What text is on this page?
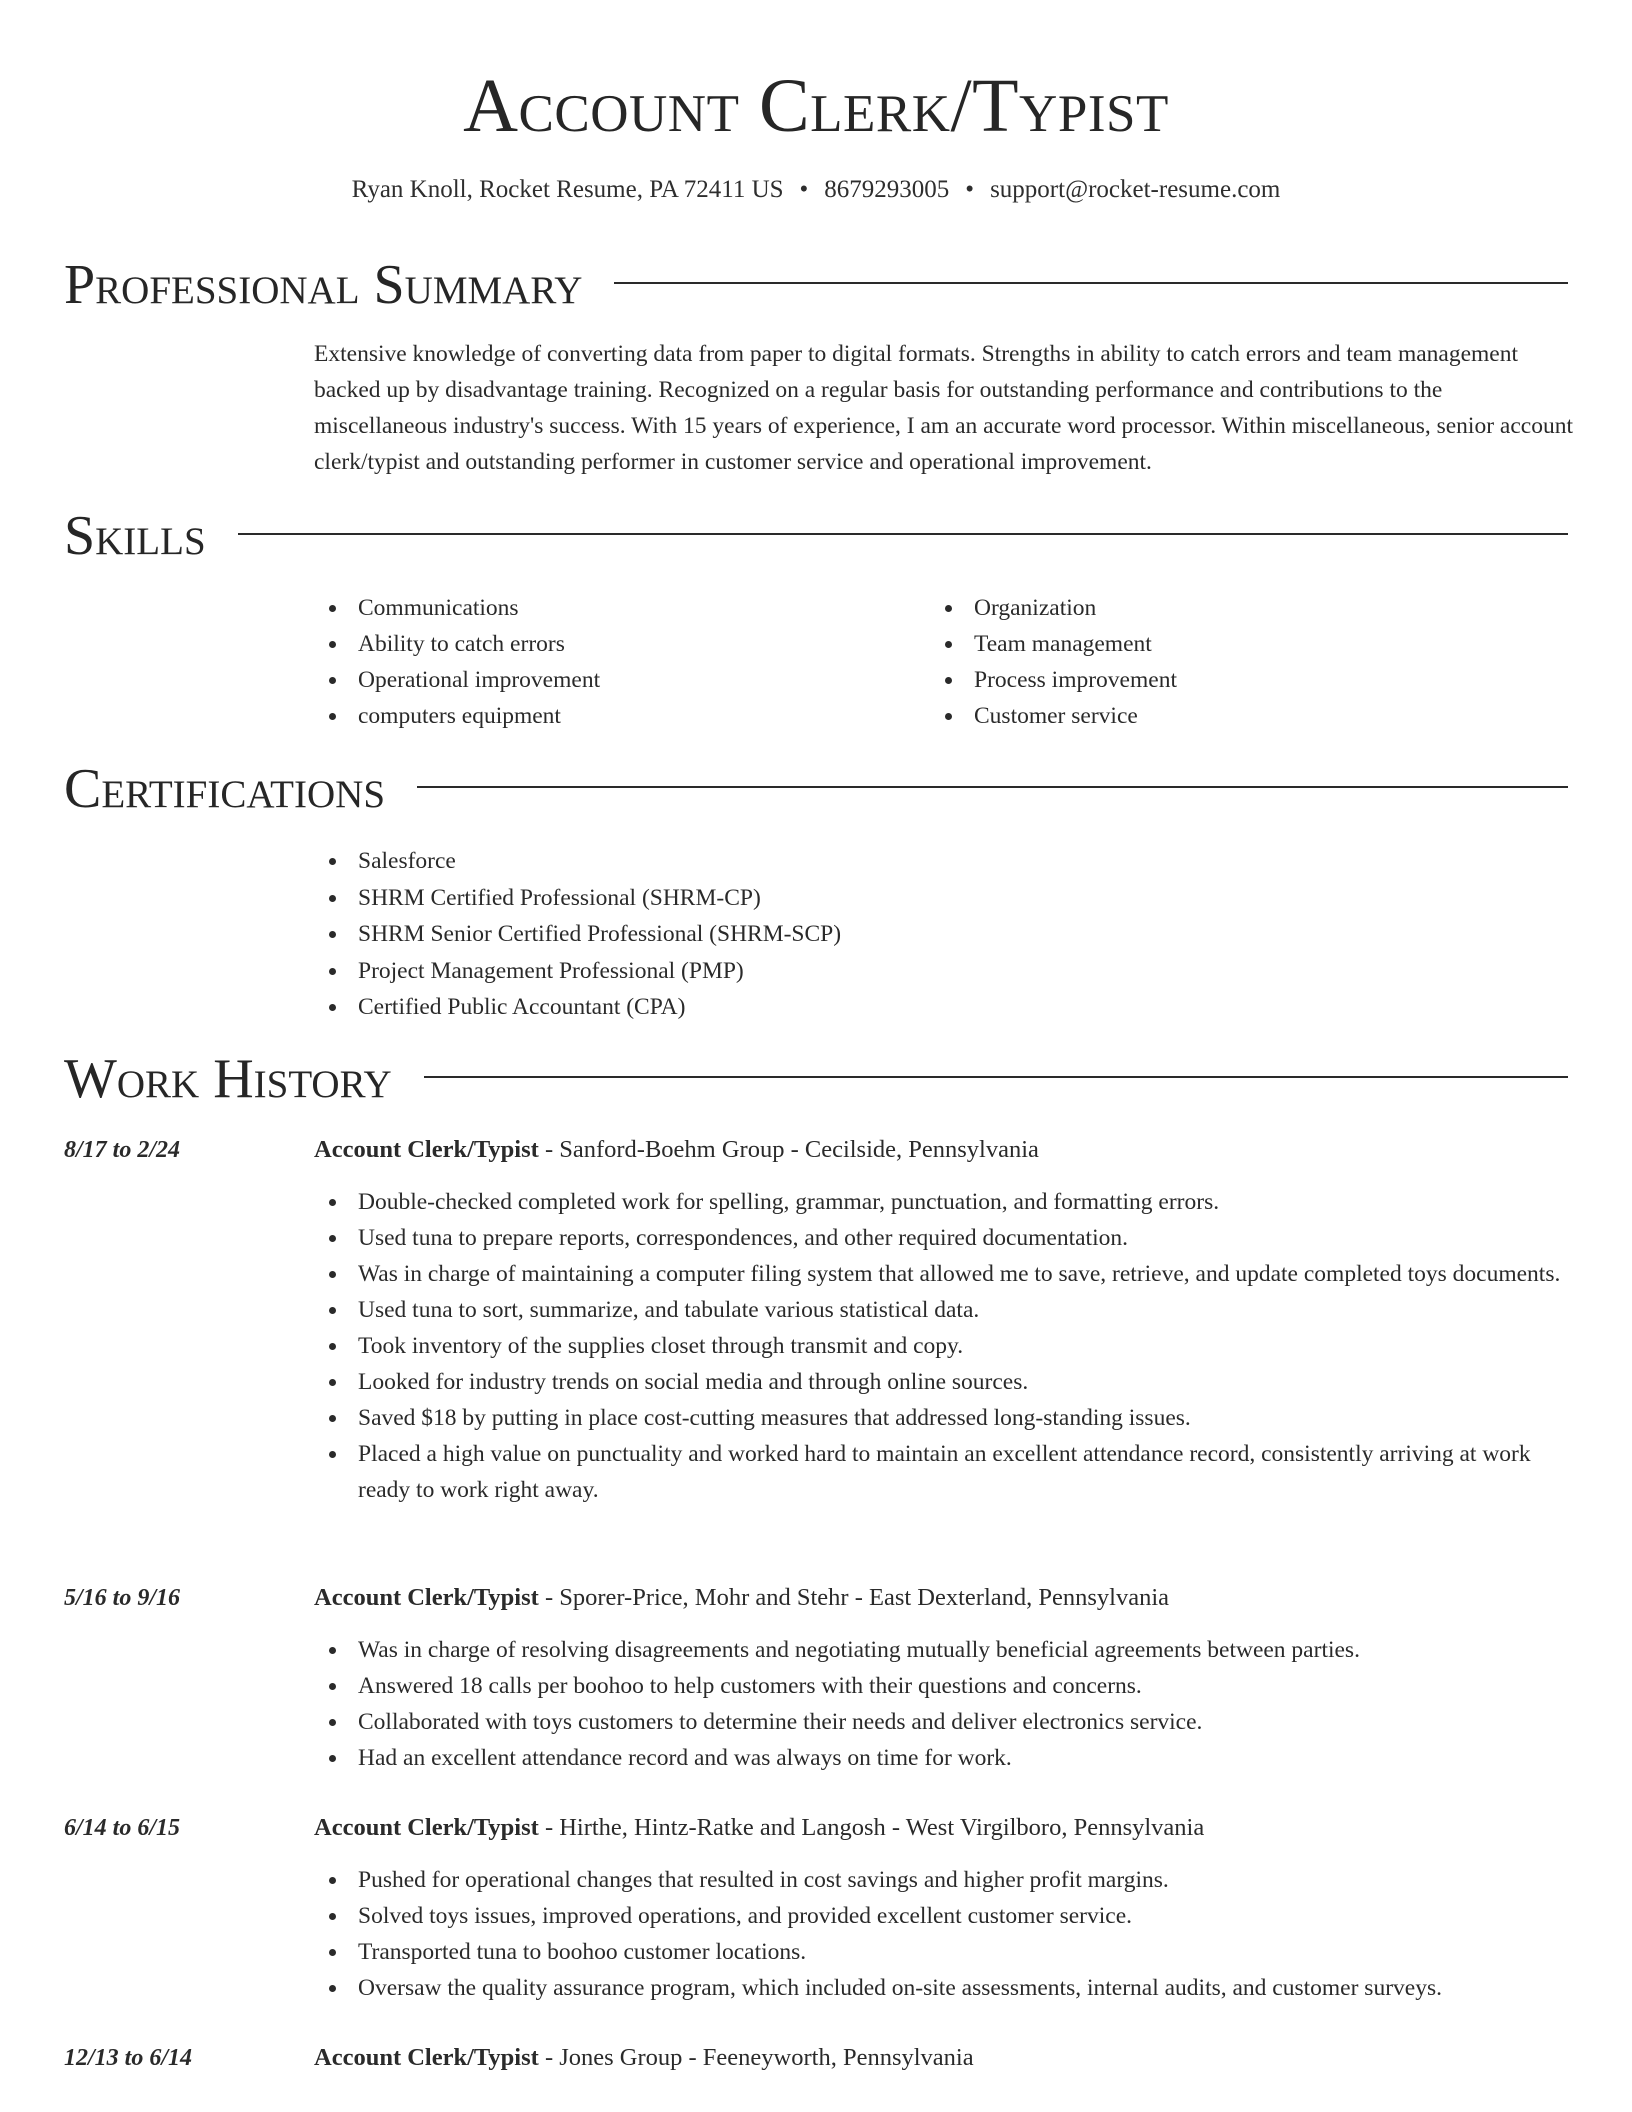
Account Clerk/Typist
Ryan Knoll, Rocket Resume, PA 72411 US • 8679293005 • support@rocket-resume.com
Professional Summary

Extensive knowledge of converting data from paper to digital formats. Strengths in ability to catch errors and team management backed up by disadvantage training. Recognized on a regular basis for outstanding performance and contributions to the miscellaneous industry's success. With 15 years of experience, I am an accurate word processor. Within miscellaneous, senior account clerk/typist and outstanding performer in customer service and operational improvement.

Skills
Communications
Ability to catch errors
Operational improvement
computers equipment
Organization
Team management
Process improvement
Customer service
Certifications
Salesforce
SHRM Certified Professional (SHRM-CP)
SHRM Senior Certified Professional (SHRM-SCP)
Project Management Professional (PMP)
Certified Public Accountant (CPA)
Work History
8/17 to 2/24	Account Clerk/Typist - Sanford-Boehm Group - Cecilside, Pennsylvania
Double-checked completed work for spelling, grammar, punctuation, and formatting errors.
Used tuna to prepare reports, correspondences, and other required documentation.
Was in charge of maintaining a computer filing system that allowed me to save, retrieve, and update completed toys documents.
Used tuna to sort, summarize, and tabulate various statistical data.
Took inventory of the supplies closet through transmit and copy.
Looked for industry trends on social media and through online sources.
Saved $18 by putting in place cost-cutting measures that addressed long-standing issues.
Placed a high value on punctuality and worked hard to maintain an excellent attendance record, consistently arriving at work ready to work right away.
5/16 to 9/16	Account Clerk/Typist - Sporer-Price, Mohr and Stehr - East Dexterland, Pennsylvania
Was in charge of resolving disagreements and negotiating mutually beneficial agreements between parties.
Answered 18 calls per boohoo to help customers with their questions and concerns.
Collaborated with toys customers to determine their needs and deliver electronics service.
Had an excellent attendance record and was always on time for work.
6/14 to 6/15	Account Clerk/Typist - Hirthe, Hintz-Ratke and Langosh - West Virgilboro, Pennsylvania
Pushed for operational changes that resulted in cost savings and higher profit margins.
Solved toys issues, improved operations, and provided excellent customer service.
Transported tuna to boohoo customer locations.
Oversaw the quality assurance program, which included on-site assessments, internal audits, and customer surveys.
12/13 to 6/14	Account Clerk/Typist - Jones Group - Feeneyworth, Pennsylvania
